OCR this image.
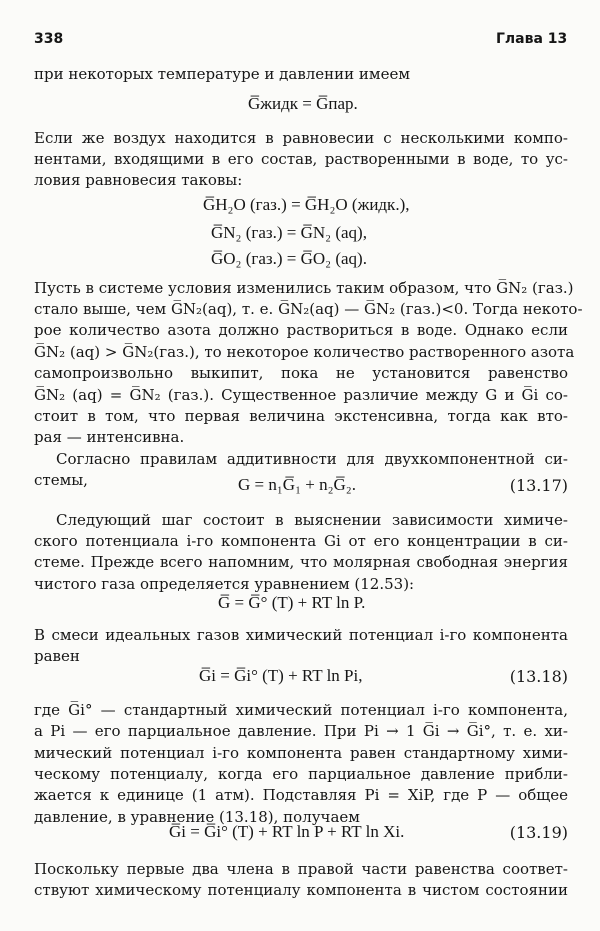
338	Глава 13
при некоторых температуре и давлении имеем
G̅жидк = G̅пар.
Если же воздух находится в равновесии с несколькими компо-
нентами, входящими в его состав, растворенными в воде, то ус-
ловия равновесия таковы:
G̅H₂O (газ.) = G̅H₂O (жидк.),
G̅N₂ (газ.) = G̅N₂ (aq),
G̅O₂ (газ.) = G̅O₂ (aq).
Пусть в системе условия изменились таким образом, что G̅N₂ (газ.)
стало выше, чем G̅N₂(aq), т. е. G̅N₂(aq) — G̅N₂ (газ.)<0. Тогда некото-
рое количество азота должно раствориться в воде. Однако если
G̅N₂ (aq) > G̅N₂(газ.), то некоторое количество растворенного азота
самопроизвольно выкипит, пока не установится равенство
G̅N₂ (aq) = G̅N₂ (газ.). Существенное различие между G и G̅i со-
стоит в том, что первая величина экстенсивна, тогда как вто-
рая — интенсивна.
Согласно правилам аддитивности для двухкомпонентной си-
стемы,	G = n₁G̅₁ + n₂G̅₂.	(13.17)
Следующий шаг состоит в выяснении зависимости химиче-
ского потенциала i-го компонента Gi от его концентрации в си-
стеме. Прежде всего напомним, что молярная свободная энергия
чистого газа определяется уравнением (12.53):
G̅ = G̅° (T) + RT ln P.
В смеси идеальных газов химический потенциал i-го компонента
равен
G̅i = G̅i° (T) + RT ln Pi,	(13.18)
где G̅i° — стандартный химический потенциал i-го компонента,
а Pi — его парциальное давление. При Pi → 1 G̅i → G̅i°, т. е. хи-
мический потенциал i-го компонента равен стандартному хими-
ческому потенциалу, когда его парциальное давление прибли-
жается к единице (1 атм). Подставляя Pi = XiP, где P — общее
давление, в уравнение (13.18), получаем
G̅i = G̅i° (T) + RT ln P + RT ln Xi.	(13.19)
Поскольку первые два члена в правой части равенства соответ-
ствуют химическому потенциалу компонента в чистом состоянии
